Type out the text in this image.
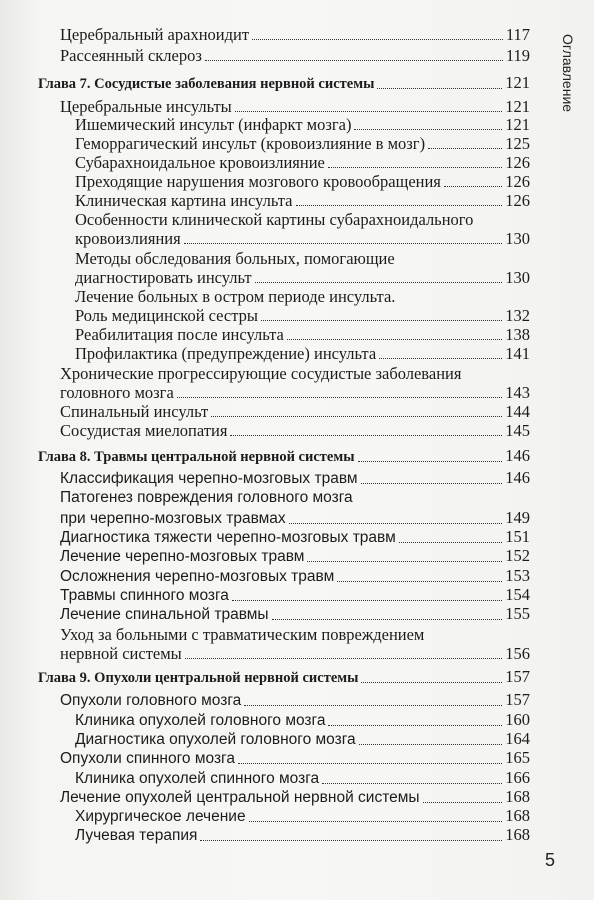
Оглавление
Церебральный арахноидит	117
Рассеянный склероз	119
Глава 7. Сосудистые заболевания нервной системы	121
Церебральные инсульты	121
Ишемический инсульт (инфаркт мозга)	121
Геморрагический инсульт (кровоизлияние в мозг)	125
Субарахноидальное кровоизлияние	126
Преходящие нарушения мозгового кровообращения	126
Клиническая картина инсульта	126
Особенности клинической картины субарахноидального
кровоизлияния	130
Методы обследования больных, помогающие
диагностировать инсульт	130
Лечение больных в остром периоде инсульта.
Роль медицинской сестры	132
Реабилитация после инсульта	138
Профилактика (предупреждение) инсульта	141
Хронические прогрессирующие сосудистые заболевания
головного мозга	143
Спинальный инсульт	144
Сосудистая миелопатия	145
Глава 8. Травмы центральной нервной системы	146
Классификация черепно-мозговых травм	146
Патогенез повреждения головного мозга
при черепно-мозговых травмах	149
Диагностика тяжести черепно-мозговых травм	151
Лечение черепно-мозговых травм	152
Осложнения черепно-мозговых травм	153
Травмы спинного мозга	154
Лечение спинальной травмы	155
Уход за больными с травматическим повреждением
нервной системы	156
Глава 9. Опухоли центральной нервной системы	157
Опухоли головного мозга	157
Клиника опухолей головного мозга	160
Диагностика опухолей головного мозга	164
Опухоли спинного мозга	165
Клиника опухолей спинного мозга	166
Лечение опухолей центральной нервной системы	168
Хирургическое лечение	168
Лучевая терапия	168
5
